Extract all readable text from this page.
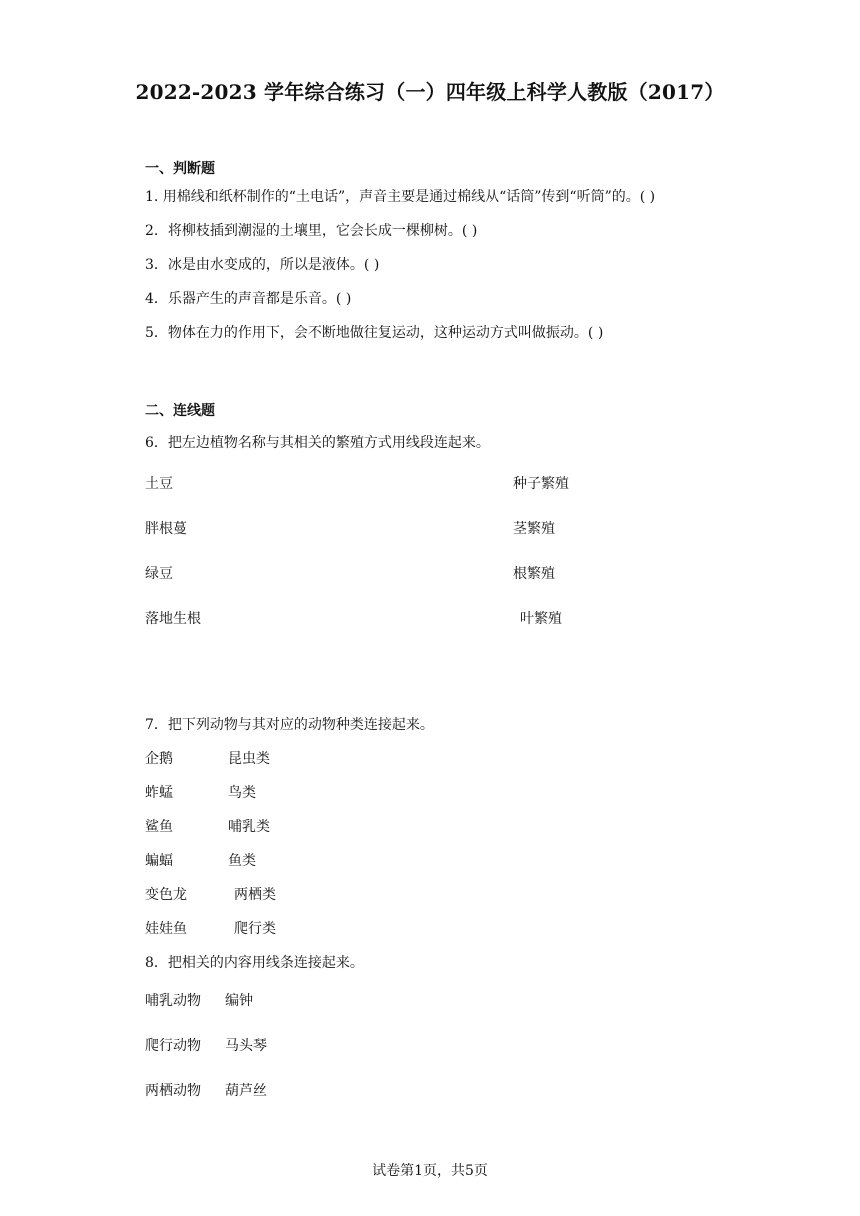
2022-2023 学年综合练习（一）四年级上科学人教版（2017）
一、判断题
1. 用棉线和纸杯制作的“土电话”，声音主要是通过棉线从“话筒”传到“听筒”的。( )
2．将柳枝插到潮湿的土壤里，它会长成一棵柳树。( )
3．冰是由水变成的，所以是液体。( )
4．乐器产生的声音都是乐音。( )
5．物体在力的作用下，会不断地做往复运动，这种运动方式叫做振动。( )
二、连线题
6．把左边植物名称与其相关的繁殖方式用线段连起来。
土豆	种子繁殖
胖根蔓	茎繁殖
绿豆	根繁殖
落地生根	叶繁殖
7．把下列动物与其对应的动物种类连接起来。
企鹅	昆虫类
蚱蜢	鸟类
鲨鱼	哺乳类
蝙蝠	鱼类
变色龙	两栖类
娃娃鱼	爬行类
8．把相关的内容用线条连接起来。
哺乳动物 编钟
爬行动物 马头琴
两栖动物 葫芦丝
试卷第1页，共5页
